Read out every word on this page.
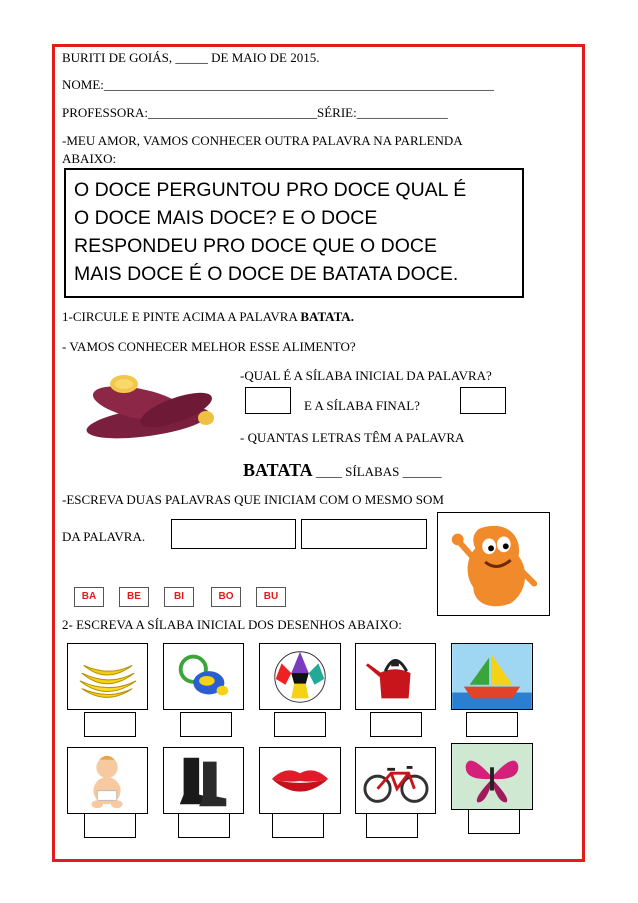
BURITI DE GOIÁS, _____ DE MAIO DE 2015.
NOME:____________________________________________________________
PROFESSORA:__________________________SÉRIE:______________
-MEU AMOR, VAMOS CONHECER OUTRA PALAVRA NA PARLENDA
ABAIXO:
O DOCE PERGUNTOU PRO DOCE QUAL É
O DOCE MAIS DOCE? E O DOCE
RESPONDEU PRO DOCE QUE O DOCE
MAIS DOCE É O DOCE DE BATATA DOCE.
1-CIRCULE E PINTE ACIMA A PALAVRA BATATA.
- VAMOS CONHECER MELHOR ESSE ALIMENTO?
-QUAL É A SÍLABA INICIAL DA PALAVRA?
E A SÍLABA FINAL?
- QUANTAS LETRAS TÊM A PALAVRA
BATATA ____ SÍLABAS ______
-ESCREVA DUAS PALAVRAS QUE INICIAM COM O MESMO SOM
DA PALAVRA.
BA	BE	BI	BO	BU
2- ESCREVA A SÍLABA INICIAL DOS DESENHOS ABAIXO:
